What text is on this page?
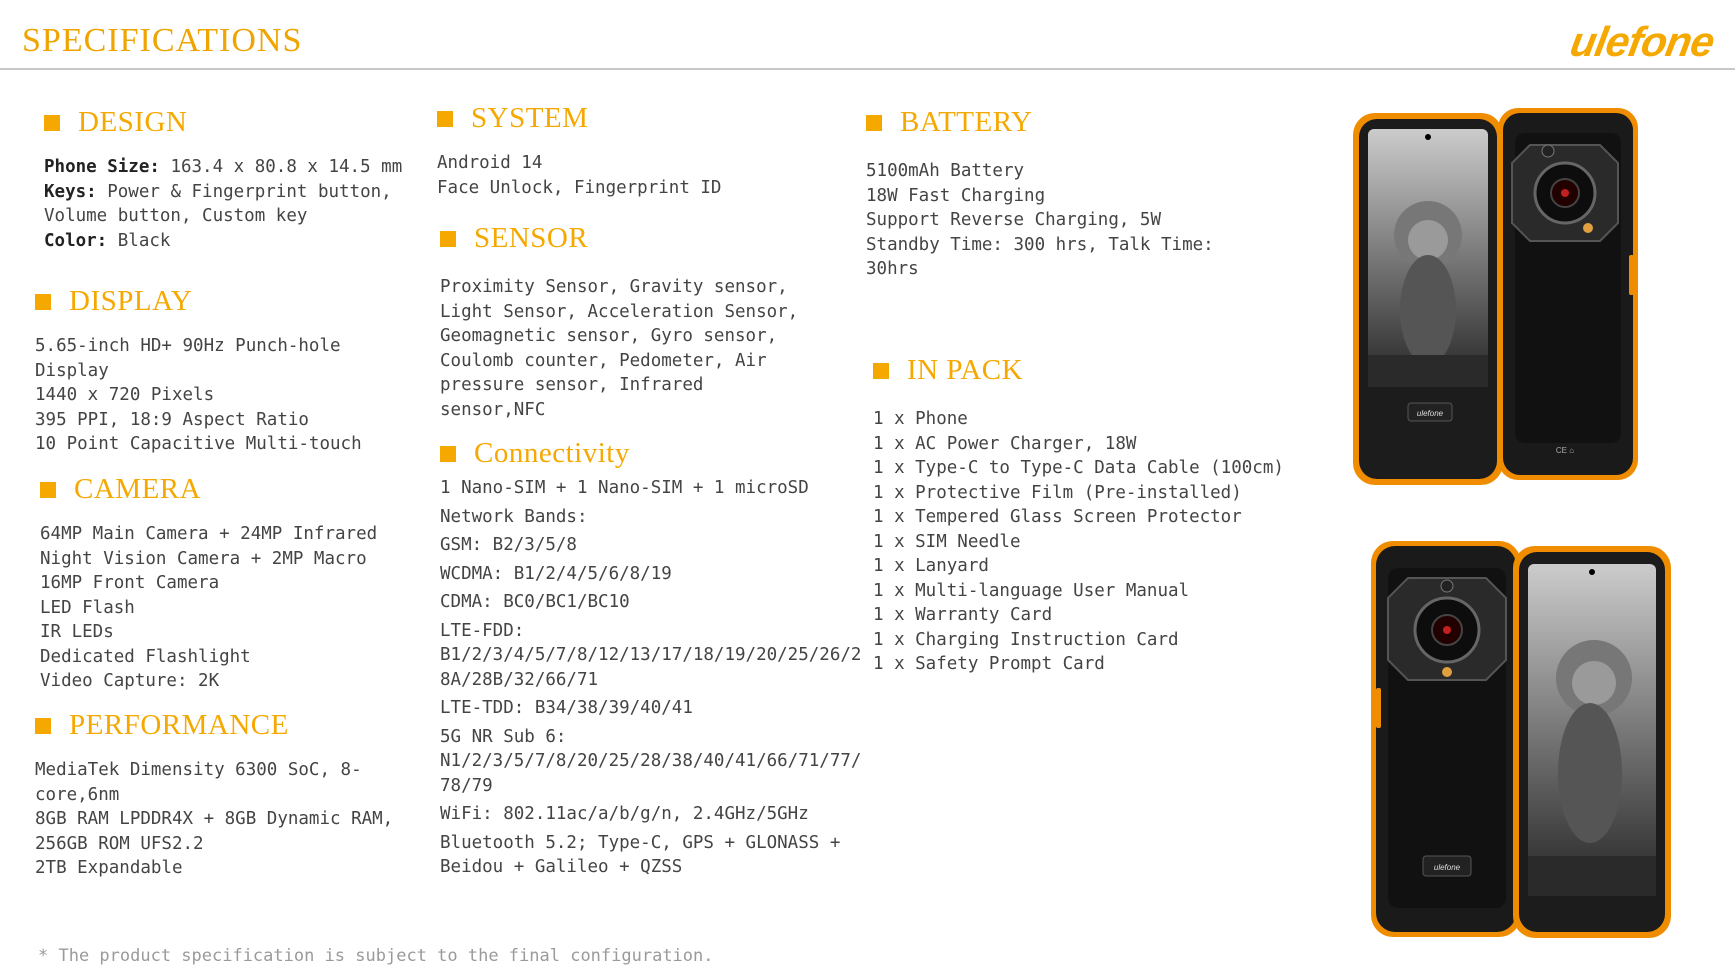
SPECIFICATIONS	ulefone
DESIGN
Phone Size: 163.4 x 80.8 x 14.5 mm
Keys: Power & Fingerprint button,
Volume button, Custom key
Color: Black
DISPLAY
5.65-inch HD+ 90Hz Punch-hole
Display
1440 x 720 Pixels
395 PPI, 18:9 Aspect Ratio
10 Point Capacitive Multi-touch
CAMERA
64MP Main Camera + 24MP Infrared
Night Vision Camera + 2MP Macro
16MP Front Camera
LED Flash
IR LEDs
Dedicated Flashlight
Video Capture: 2K
PERFORMANCE
MediaTek Dimensity 6300 SoC, 8-
core,6nm
8GB RAM LPDDR4X + 8GB Dynamic RAM,
256GB ROM UFS2.2
2TB Expandable
SYSTEM
Android 14
Face Unlock, Fingerprint ID
SENSOR
Proximity Sensor, Gravity sensor,
Light Sensor, Acceleration Sensor,
Geomagnetic sensor, Gyro sensor,
Coulomb counter, Pedometer, Air
pressure sensor, Infrared
sensor,NFC
Connectivity
1 Nano-SIM + 1 Nano-SIM + 1 microSD
Network Bands:
GSM: B2/3/5/8
WCDMA: B1/2/4/5/6/8/19
CDMA: BC0/BC1/BC10
LTE-FDD:
B1/2/3/4/5/7/8/12/13/17/18/19/20/25/26/2
8A/28B/32/66/71
LTE-TDD: B34/38/39/40/41
5G NR Sub 6:
N1/2/3/5/7/8/20/25/28/38/40/41/66/71/77/
78/79
WiFi: 802.11ac/a/b/g/n, 2.4GHz/5GHz
Bluetooth 5.2; Type-C, GPS + GLONASS +
Beidou + Galileo + QZSS
BATTERY
5100mAh Battery
18W Fast Charging
Support Reverse Charging, 5W
Standby Time: 300 hrs, Talk Time:
30hrs
IN PACK
1 x Phone
1 x AC Power Charger, 18W
1 x Type-C to Type-C Data Cable (100cm)
1 x Protective Film (Pre-installed)
1 x Tempered Glass Screen Protector
1 x SIM Needle
1 x Lanyard
1 x Multi-language User Manual
1 x Warranty Card
1 x Charging Instruction Card
1 x Safety Prompt Card
CE ⌂
ulefone
ulefone
* The product specification is subject to the final configuration.
